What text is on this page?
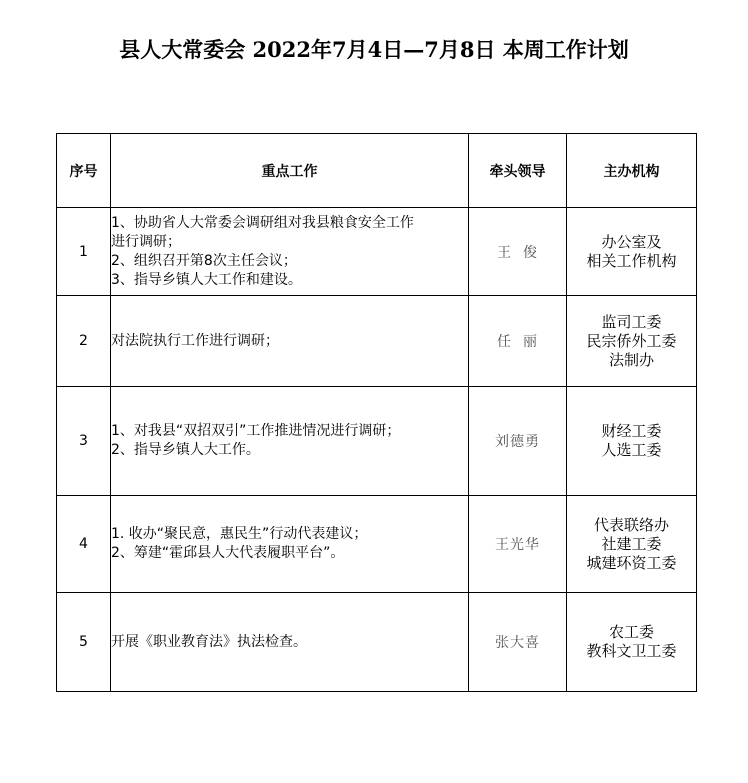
县人大常委会 2022年7月4日—7月8日 本周工作计划
序号	重点工作	牵头领导	主办机构
1	1、协助省人大常委会调研组对我县粮食安全工作
进行调研；
2、组织召开第8次主任会议；
3、指导乡镇人大工作和建设。	王  俊	办公室及
相关工作机构

2	对法院执行工作进行调研；	任  丽	监司工委
民宗侨外工委
法制办

3	1、对我县“双招双引”工作推进情况进行调研；
2、指导乡镇人大工作。	刘德勇	财经工委
人选工委

4	1. 收办“聚民意，惠民生”行动代表建议；
2、筹建“霍邱县人大代表履职平台”。	王光华	代表联络办
社建工委
城建环资工委

5	开展《职业教育法》执法检查。	张大喜	农工委
教科文卫工委
